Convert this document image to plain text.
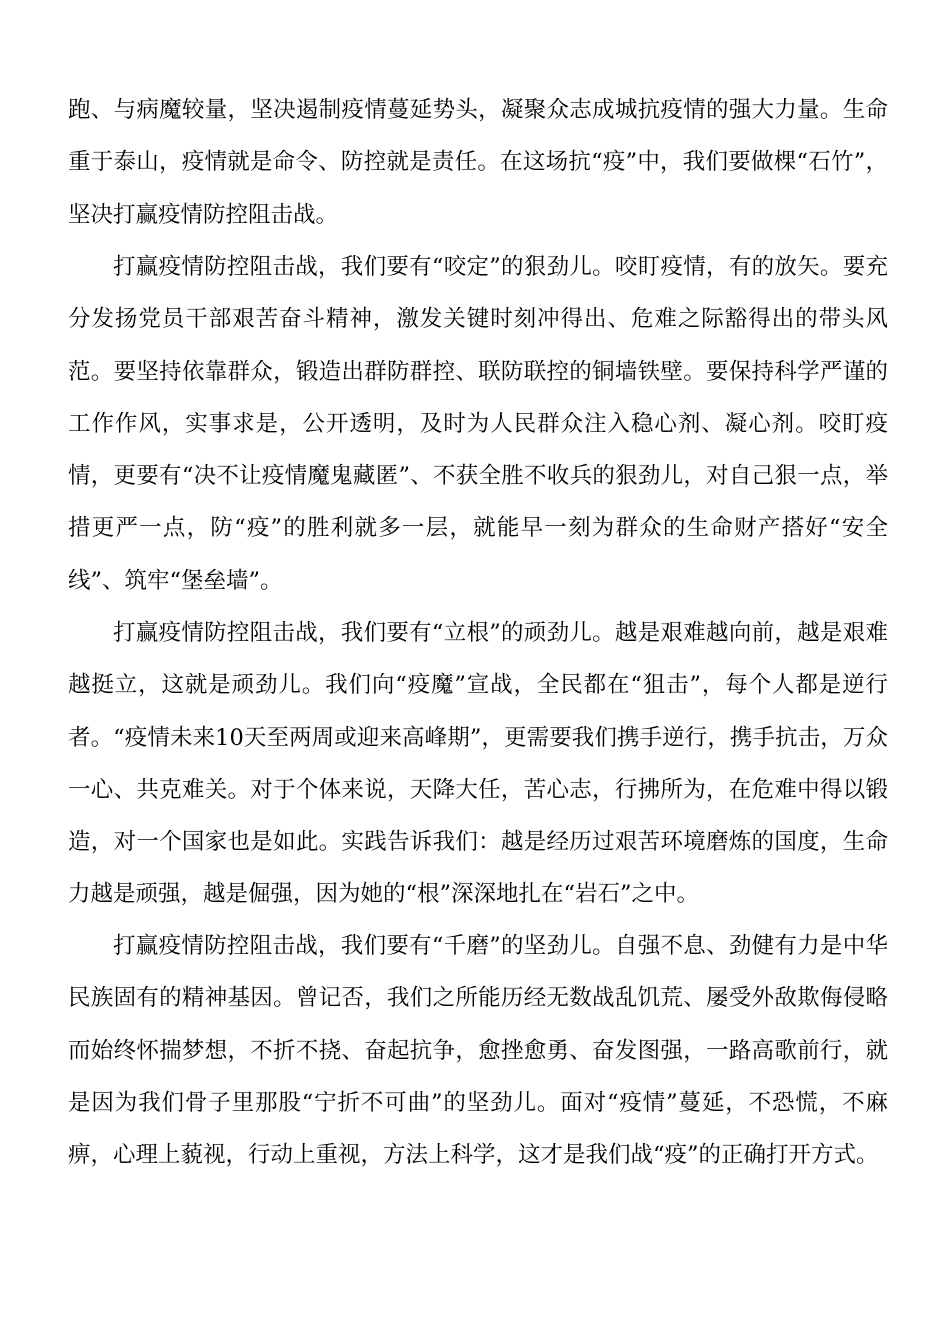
跑、与病魔较量，坚决遏制疫情蔓延势头，凝聚众志成城抗疫情的强大力量。生命重于泰山，疫情就是命令、防控就是责任。在这场抗“疫”中，我们要做棵“石竹”，坚决打赢疫情防控阻击战。

打赢疫情防控阻击战，我们要有“咬定”的狠劲儿。咬盯疫情，有的放矢。要充分发扬党员干部艰苦奋斗精神，激发关键时刻冲得出、危难之际豁得出的带头风范。要坚持依靠群众，锻造出群防群控、联防联控的铜墙铁壁。要保持科学严谨的工作作风，实事求是，公开透明，及时为人民群众注入稳心剂、凝心剂。咬盯疫情，更要有“决不让疫情魔鬼藏匿”、不获全胜不收兵的狠劲儿，对自己狠一点，举措更严一点，防“疫”的胜利就多一层，就能早一刻为群众的生命财产搭好“安全线”、筑牢“堡垒墙”。

打赢疫情防控阻击战，我们要有“立根”的顽劲儿。越是艰难越向前，越是艰难越挺立，这就是顽劲儿。我们向“疫魔”宣战，全民都在“狙击”，每个人都是逆行者。“疫情未来10天至两周或迎来高峰期”，更需要我们携手逆行，携手抗击，万众一心、共克难关。对于个体来说，天降大任，苦心志，行拂所为，在危难中得以锻造，对一个国家也是如此。实践告诉我们：越是经历过艰苦环境磨炼的国度，生命力越是顽强，越是倔强，因为她的“根”深深地扎在“岩石”之中。

打赢疫情防控阻击战，我们要有“千磨”的坚劲儿。自强不息、劲健有力是中华民族固有的精神基因。曾记否，我们之所能历经无数战乱饥荒、屡受外敌欺侮侵略而始终怀揣梦想，不折不挠、奋起抗争，愈挫愈勇、奋发图强，一路高歌前行，就是因为我们骨子里那股“宁折不可曲”的坚劲儿。面对“疫情”蔓延，不恐慌，不麻痹，心理上藐视，行动上重视，方法上科学，这才是我们战“疫”的正确打开方式。
